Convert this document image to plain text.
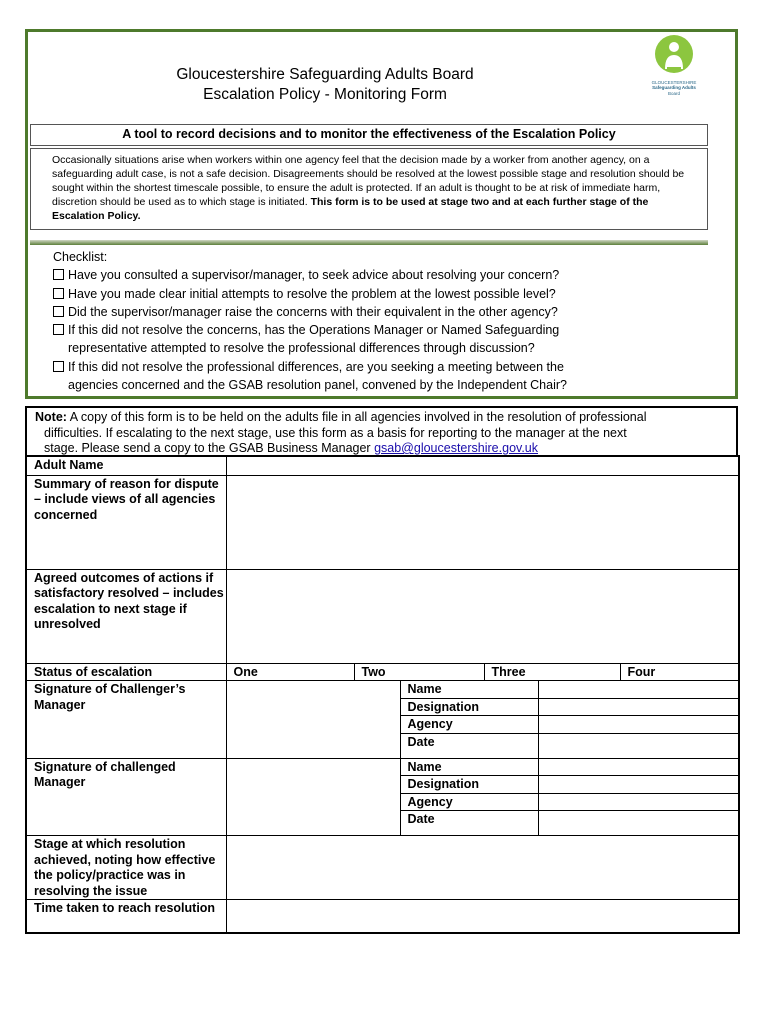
Gloucestershire Safeguarding Adults Board
Escalation Policy - Monitoring Form
GLOUCESTERSHIRE
Safeguarding Adults
Board
A tool to record decisions and to monitor the effectiveness of the Escalation Policy
Occasionally situations arise when workers within one agency feel that the decision made by a worker from another agency, on a safeguarding adult case, is not a safe decision. Disagreements should be resolved at the lowest possible stage and resolution should be sought within the shortest timescale possible, to ensure the adult is protected. If an adult is thought to be at risk of immediate harm, discretion should be used as to which stage is initiated. This form is to be used at stage two and at each further stage of the Escalation Policy.
Checklist:
Have you consulted a supervisor/manager, to seek advice about resolving your concern?
Have you made clear initial attempts to resolve the problem at the lowest possible level?
Did the supervisor/manager raise the concerns with their equivalent in the other agency?
If this did not resolve the concerns, has the Operations Manager or Named Safeguarding
representative attempted to resolve the professional differences through discussion?
If this did not resolve the professional differences, are you seeking a meeting between the
agencies concerned and the GSAB resolution panel, convened by the Independent Chair?
Note: A copy of this form is to be held on the adults file in all agencies involved in the resolution of professional
difficulties. If escalating to the next stage, use this form as a basis for reporting to the manager at the next
stage. Please send a copy to the GSAB Business Manager gsab@gloucestershire.gov.uk
Adult Name						
Summary of reason for dispute – include views of all agencies concerned						
Agreed outcomes of actions if satisfactory resolved – includes escalation to next stage if unresolved						
Status of escalation	One	Two		Three		Four
Signature of Challenger’s Manager			Name			
			Designation			
			Agency			
			Date			
Signature of challenged Manager			Name			
			Designation			
			Agency			
			Date			
Stage at which resolution achieved, noting how effective the policy/practice was in resolving the issue						
Time taken to reach resolution						
